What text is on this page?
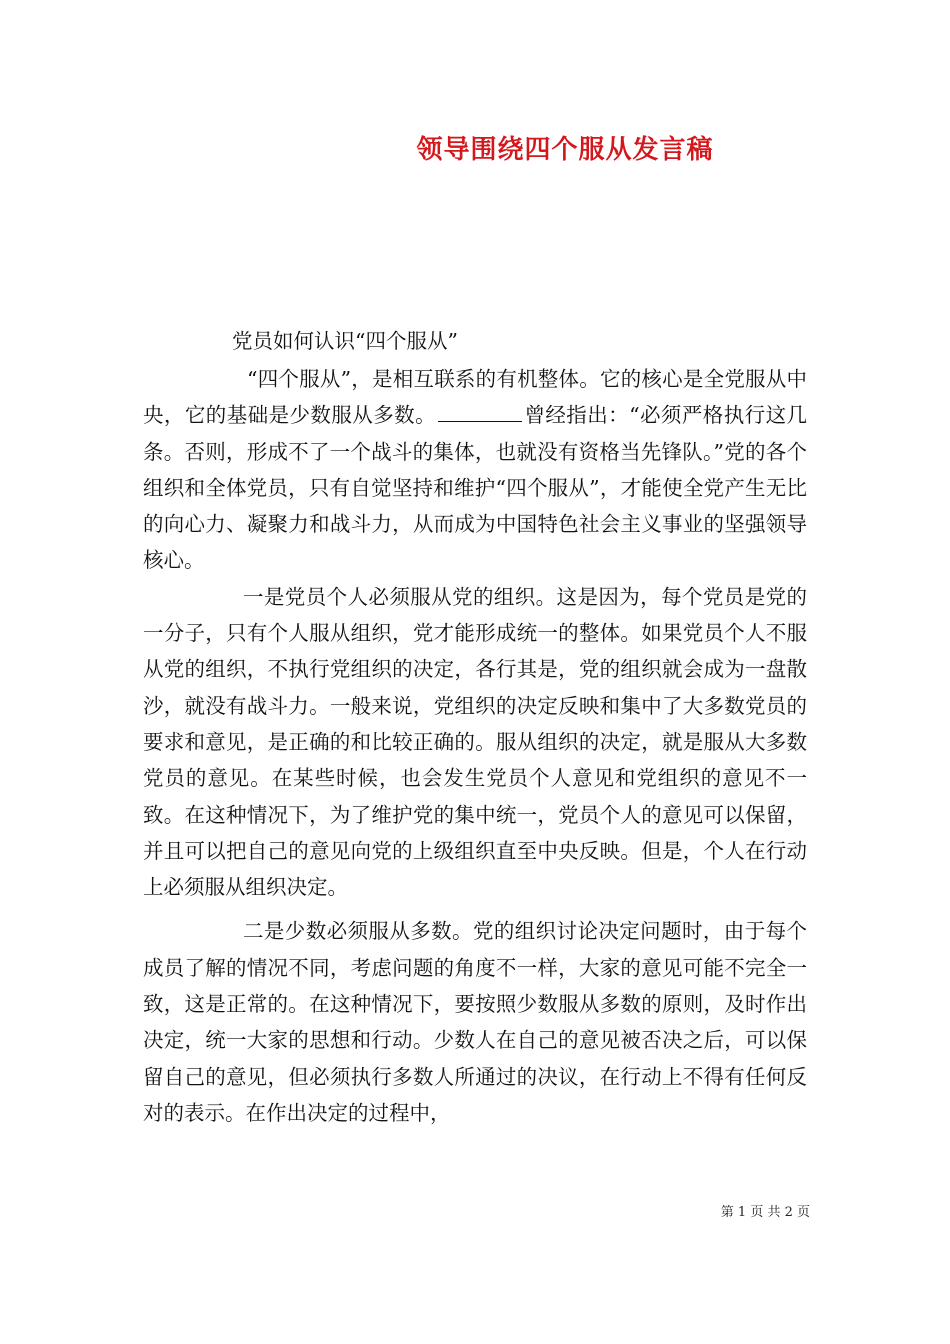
领导围绕四个服从发言稿

党员如何认识“四个服从”

“四个服从”，是相互联系的有机整体。它的核心是全党服从中央，它的基础是少数服从多数。	曾经指出：“必须严格执行这几条。否则，形成不了一个战斗的集体，也就没有资格当先锋队。”党的各个组织和全体党员，只有自觉坚持和维护“四个服从”，才能使全党产生无比的向心力、凝聚力和战斗力，从而成为中国特色社会主义事业的坚强领导核心。

一是党员个人必须服从党的组织。这是因为，每个党员是党的一分子，只有个人服从组织，党才能形成统一的整体。如果党员个人不服从党的组织，不执行党组织的决定，各行其是，党的组织就会成为一盘散沙，就没有战斗力。一般来说，党组织的决定反映和集中了大多数党员的要求和意见，是正确的和比较正确的。服从组织的决定，就是服从大多数党员的意见。在某些时候，也会发生党员个人意见和党组织的意见不一致。在这种情况下，为了维护党的集中统一，党员个人的意见可以保留，并且可以把自己的意见向党的上级组织直至中央反映。但是，个人在行动上必须服从组织决定。

二是少数必须服从多数。党的组织讨论决定问题时，由于每个成员了解的情况不同，考虑问题的角度不一样，大家的意见可能不完全一致，这是正常的。在这种情况下，要按照少数服从多数的原则，及时作出决定，统一大家的思想和行动。少数人在自己的意见被否决之后，可以保留自己的意见，但必须执行多数人所通过的决议，在行动上不得有任何反对的表示。在作出决定的过程中，

第 1 页 共 2 页
